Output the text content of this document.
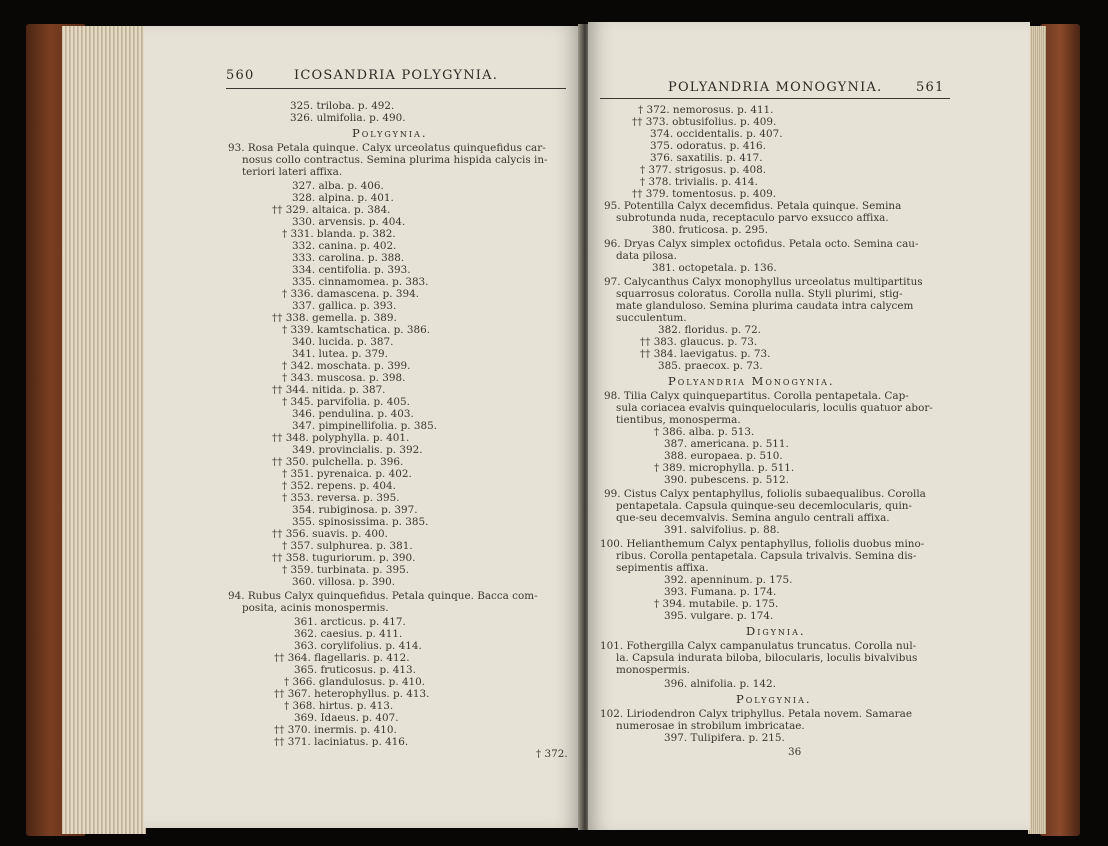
560	ICOSANDRIA POLYGYNIA.
325. triloba. p. 492.
326. ulmifolia. p. 490.
Polygynia.
93. Rosa Petala quinque. Calyx urceolatus quinquefidus car-
nosus collo contractus. Semina plurima hispida calycis in-
teriori lateri affixa.
327. alba. p. 406.
328. alpina. p. 401.
†† 329. altaica. p. 384.
330. arvensis. p. 404.
† 331. blanda. p. 382.
332. canina. p. 402.
333. carolina. p. 388.
334. centifolia. p. 393.
335. cinnamomea. p. 383.
† 336. damascena. p. 394.
337. gallica. p. 393.
†† 338. gemella. p. 389.
† 339. kamtschatica. p. 386.
340. lucida. p. 387.
341. lutea. p. 379.
† 342. moschata. p. 399.
† 343. muscosa. p. 398.
†† 344. nitida. p. 387.
† 345. parvifolia. p. 405.
346. pendulina. p. 403.
347. pimpinellifolia. p. 385.
†† 348. polyphylla. p. 401.
349. provincialis. p. 392.
†† 350. pulchella. p. 396.
† 351. pyrenaica. p. 402.
† 352. repens. p. 404.
† 353. reversa. p. 395.
354. rubiginosa. p. 397.
355. spinosissima. p. 385.
†† 356. suavis. p. 400.
† 357. sulphurea. p. 381.
†† 358. tuguriorum. p. 390.
† 359. turbinata. p. 395.
360. villosa. p. 390.
94. Rubus Calyx quinquefidus. Petala quinque. Bacca com-
posita, acinis monospermis.
361. arcticus. p. 417.
362. caesius. p. 411.
363. corylifolius. p. 414.
†† 364. flagellaris. p. 412.
365. fruticosus. p. 413.
† 366. glandulosus. p. 410.
†† 367. heterophyllus. p. 413.
† 368. hirtus. p. 413.
369. Idaeus. p. 407.
†† 370. inermis. p. 410.
†† 371. laciniatus. p. 416.
† 372.
POLYANDRIA MONOGYNIA.	561
† 372. nemorosus. p. 411.
†† 373. obtusifolius. p. 409.
374. occidentalis. p. 407.
375. odoratus. p. 416.
376. saxatilis. p. 417.
† 377. strigosus. p. 408.
† 378. trivialis. p. 414.
†† 379. tomentosus. p. 409.
95. Potentilla Calyx decemfidus. Petala quinque. Semina
subrotunda nuda, receptaculo parvo exsucco affixa.
380. fruticosa. p. 295.
96. Dryas Calyx simplex octofidus. Petala octo. Semina cau-
data pilosa.
381. octopetala. p. 136.
97. Calycanthus Calyx monophyllus urceolatus multipartitus
squarrosus coloratus. Corolla nulla. Styli plurimi, stig-
mate glanduloso. Semina plurima caudata intra calycem
succulentum.
382. floridus. p. 72.
†† 383. glaucus. p. 73.
†† 384. laevigatus. p. 73.
385. praecox. p. 73.
Polyandria Monogynia.
98. Tilia Calyx quinquepartitus. Corolla pentapetala. Cap-
sula coriacea evalvis quinquelocularis, loculis quatuor abor-
tientibus, monosperma.
† 386. alba. p. 513.
387. americana. p. 511.
388. europaea. p. 510.
† 389. microphylla. p. 511.
390. pubescens. p. 512.
99. Cistus Calyx pentaphyllus, foliolis subaequalibus. Corolla
pentapetala. Capsula quinque-seu decemlocularis, quin-
que-seu decemvalvis. Semina angulo centrali affixa.
391. salvifolius. p. 88.
100. Helianthemum Calyx pentaphyllus, foliolis duobus mino-
ribus. Corolla pentapetala. Capsula trivalvis. Semina dis-
sepimentis affixa.
392. apenninum. p. 175.
393. Fumana. p. 174.
† 394. mutabile. p. 175.
395. vulgare. p. 174.
Digynia.
101. Fothergilla Calyx campanulatus truncatus. Corolla nul-
la. Capsula indurata biloba, bilocularis, loculis bivalvibus
monospermis.
396. alnifolia. p. 142.
Polygynia.
102. Liriodendron Calyx triphyllus. Petala novem. Samarae
numerosae in strobilum imbricatae.
397. Tulipifera. p. 215.
36
